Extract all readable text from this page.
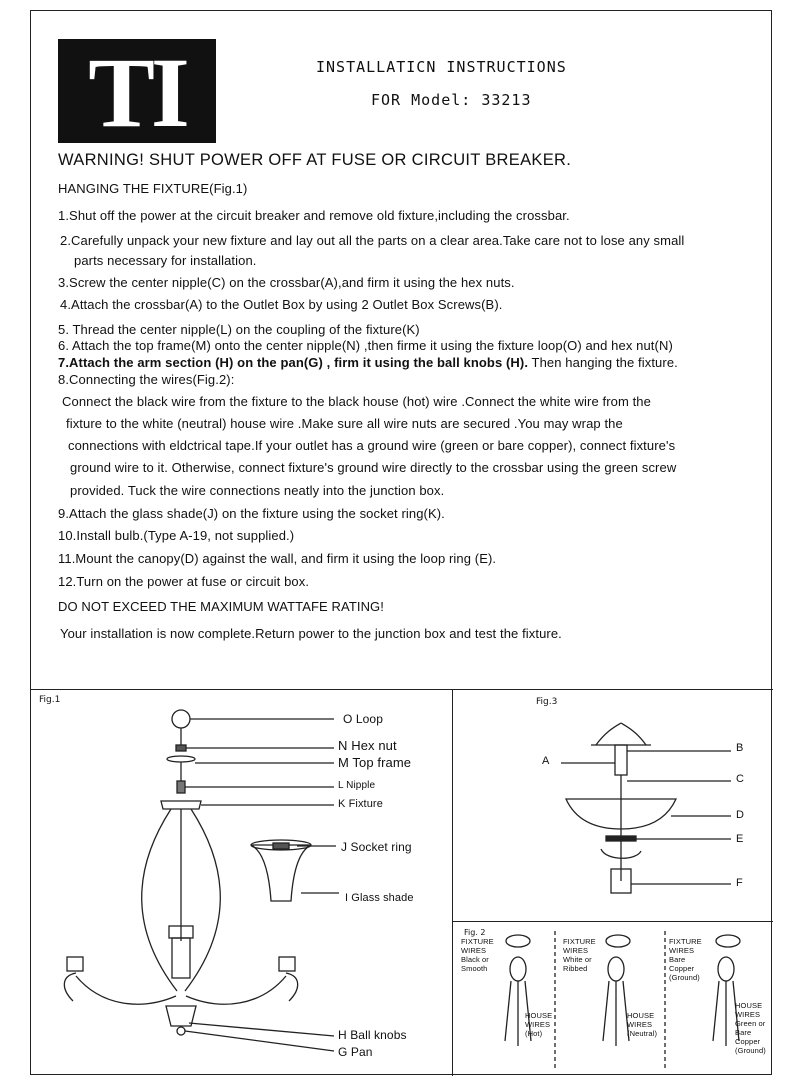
TI	INSTALLATICN INSTRUCTIONS
FOR Model: 33213
WARNING! SHUT POWER OFF AT FUSE OR CIRCUIT BREAKER.
HANGING THE FIXTURE(Fig.1)
1.Shut off the power at the circuit breaker and remove old fixture,including the crossbar.
2.Carefully unpack your new fixture and lay out all the parts on a clear area.Take care not to lose any small
parts necessary for installation.
3.Screw the center nipple(C) on the crossbar(A),and firm it using the hex nuts.
4.Attach the crossbar(A) to the Outlet Box by using 2 Outlet Box Screws(B).
5. Thread the center nipple(L) on the coupling of the fixture(K)
6. Attach the top frame(M) onto the center nipple(N) ,then firme it using the fixture loop(O) and hex nut(N)
7.Attach the arm section (H) on the pan(G) , firm it using the ball knobs (H). Then hanging the fixture.
8.Connecting the wires(Fig.2):
Connect the black wire from the fixture to the black house (hot) wire .Connect the white wire from the
fixture to the white (neutral) house wire .Make sure all wire nuts are secured .You may wrap the
connections with eldctrical tape.If your outlet has a ground wire (green or bare copper), connect fixture's
ground wire to it. Otherwise, connect fixture's ground wire directly to the crossbar using the green screw
provided. Tuck the wire connections neatly into the junction box.
9.Attach the glass shade(J) on the fixture using the socket ring(K).
10.Install bulb.(Type A-19, not supplied.)
11.Mount the canopy(D) against the wall, and firm it using the loop ring (E).
12.Turn on the power at fuse or circuit box.
DO NOT EXCEED THE MAXIMUM WATTAFE RATING!
Your installation is now complete.Return power to the junction box and test the fixture.
Fig.1
O Loop
N Hex nut
M Top frame
L Nipple
K Fixture
J Socket ring
I Glass shade
H Ball knobs
G Pan
Fig.3
A
B
C
D
E
F
Fig. 2
FIXTURE
WIRES
Black or
Smooth
HOUSE
WIRES
(Hot)
FIXTURE
WIRES
White or
Ribbed
HOUSE
WIRES
(Neutral)
FIXTURE
WIRES
Bare
Copper
(Ground)
HOUSE
WIRES
Green or
Bare
Copper
(Ground)
